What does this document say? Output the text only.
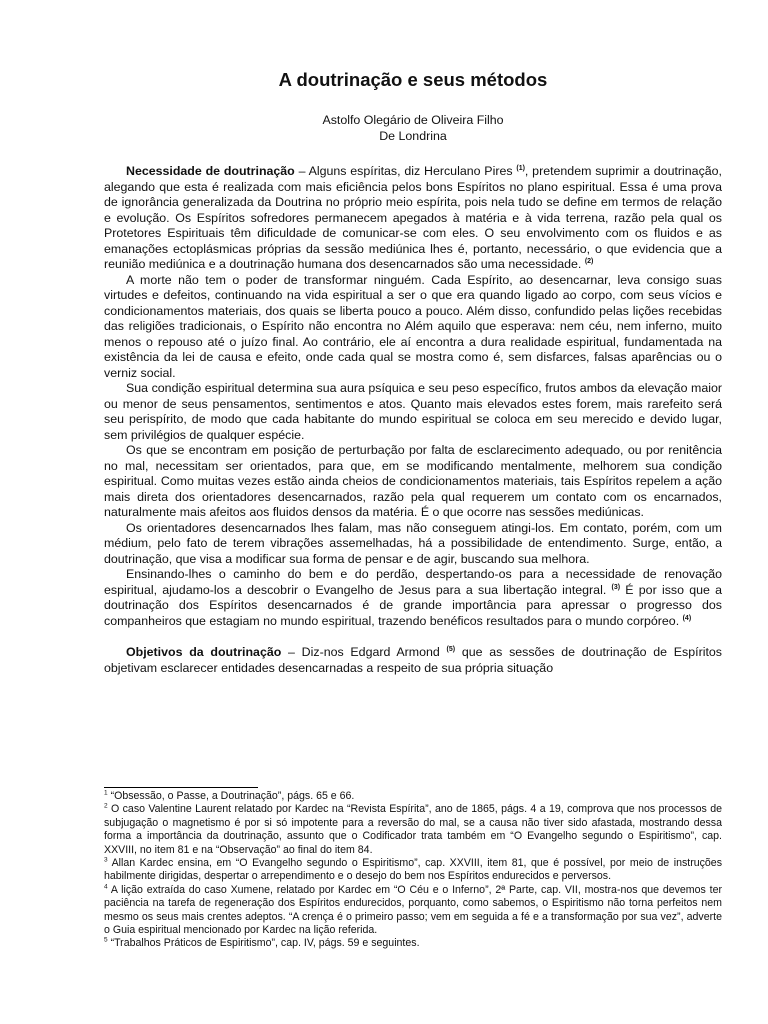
A doutrinação e seus métodos
Astolfo Olegário de Oliveira Filho
De Londrina

Necessidade de doutrinação – Alguns espíritas, diz Herculano Pires $^{(1)}$, pretendem suprimir a doutrinação, alegando que esta é realizada com mais eficiência pelos bons Espíritos no plano espiritual. Essa é uma prova de ignorância generalizada da Doutrina no próprio meio espírita, pois nela tudo se define em termos de relação e evolução. Os Espíritos sofredores permanecem apegados à matéria e à vida terrena, razão pela qual os Protetores Espirituais têm dificuldade de comunicar-se com eles. O seu envolvimento com os fluidos e as emanações ectoplásmicas próprias da sessão mediúnica lhes é, portanto, necessário, o que evidencia que a reunião mediúnica e a doutrinação humana dos desencarnados são uma necessidade. $^{(2)}$

A morte não tem o poder de transformar ninguém. Cada Espírito, ao desencarnar, leva consigo suas virtudes e defeitos, continuando na vida espiritual a ser o que era quando ligado ao corpo, com seus vícios e condicionamentos materiais, dos quais se liberta pouco a pouco. Além disso, confundido pelas lições recebidas das religiões tradicionais, o Espírito não encontra no Além aquilo que esperava: nem céu, nem inferno, muito menos o repouso até o juízo final. Ao contrário, ele aí encontra a dura realidade espiritual, fundamentada na existência da lei de causa e efeito, onde cada qual se mostra como é, sem disfarces, falsas aparências ou o verniz social.

Sua condição espiritual determina sua aura psíquica e seu peso específico, frutos ambos da elevação maior ou menor de seus pensamentos, sentimentos e atos. Quanto mais elevados estes forem, mais rarefeito será seu perispírito, de modo que cada habitante do mundo espiritual se coloca em seu merecido e devido lugar, sem privilégios de qualquer espécie.

Os que se encontram em posição de perturbação por falta de esclarecimento adequado, ou por renitência no mal, necessitam ser orientados, para que, em se modificando mentalmente, melhorem sua condição espiritual. Como muitas vezes estão ainda cheios de condicionamentos materiais, tais Espíritos repelem a ação mais direta dos orientadores desencarnados, razão pela qual requerem um contato com os encarnados, naturalmente mais afeitos aos fluidos densos da matéria. É o que ocorre nas sessões mediúnicas.

Os orientadores desencarnados lhes falam, mas não conseguem atingi-los. Em contato, porém, com um médium, pelo fato de terem vibrações assemelhadas, há a possibilidade de entendimento. Surge, então, a doutrinação, que visa a modificar sua forma de pensar e de agir, buscando sua melhora.

Ensinando-lhes o caminho do bem e do perdão, despertando-os para a necessidade de renovação espiritual, ajudamo-los a descobrir o Evangelho de Jesus para a sua libertação integral. $^{(3)}$ É por isso que a doutrinação dos Espíritos desencarnados é de grande importância para apressar o progresso dos companheiros que estagiam no mundo espiritual, trazendo benéficos resultados para o mundo corpóreo. $^{(4)}$

Objetivos da doutrinação – Diz-nos Edgard Armond $^{(5)}$ que as sessões de doutrinação de Espíritos objetivam esclarecer entidades desencarnadas a respeito de sua própria situação

$^1$ “Obsessão, o Passe, a Doutrinação”, págs. 65 e 66.

$^2$ O caso Valentine Laurent relatado por Kardec na “Revista Espírita”, ano de 1865, págs. 4 a 19, comprova que nos processos de subjugação o magnetismo é por si só impotente para a reversão do mal, se a causa não tiver sido afastada, mostrando dessa forma a importância da doutrinação, assunto que o Codificador trata também em “O Evangelho segundo o Espiritismo”, cap. XXVIII, no item 81 e na “Observação” ao final do item 84.

$^3$ Allan Kardec ensina, em “O Evangelho segundo o Espiritismo”, cap. XXVIII, item 81, que é possível, por meio de instruções habilmente dirigidas, despertar o arrependimento e o desejo do bem nos Espíritos endurecidos e perversos.

$^4$ A lição extraída do caso Xumene, relatado por Kardec em “O Céu e o Inferno”, 2ª Parte, cap. VII, mostra-nos que devemos ter paciência na tarefa de regeneração dos Espíritos endurecidos, porquanto, como sabemos, o Espiritismo não torna perfeitos nem mesmo os seus mais crentes adeptos. “A crença é o primeiro passo; vem em seguida a fé e a transformação por sua vez”, adverte o Guia espiritual mencionado por Kardec na lição referida.

$^5$ “Trabalhos Práticos de Espiritismo”, cap. IV, págs. 59 e seguintes.
